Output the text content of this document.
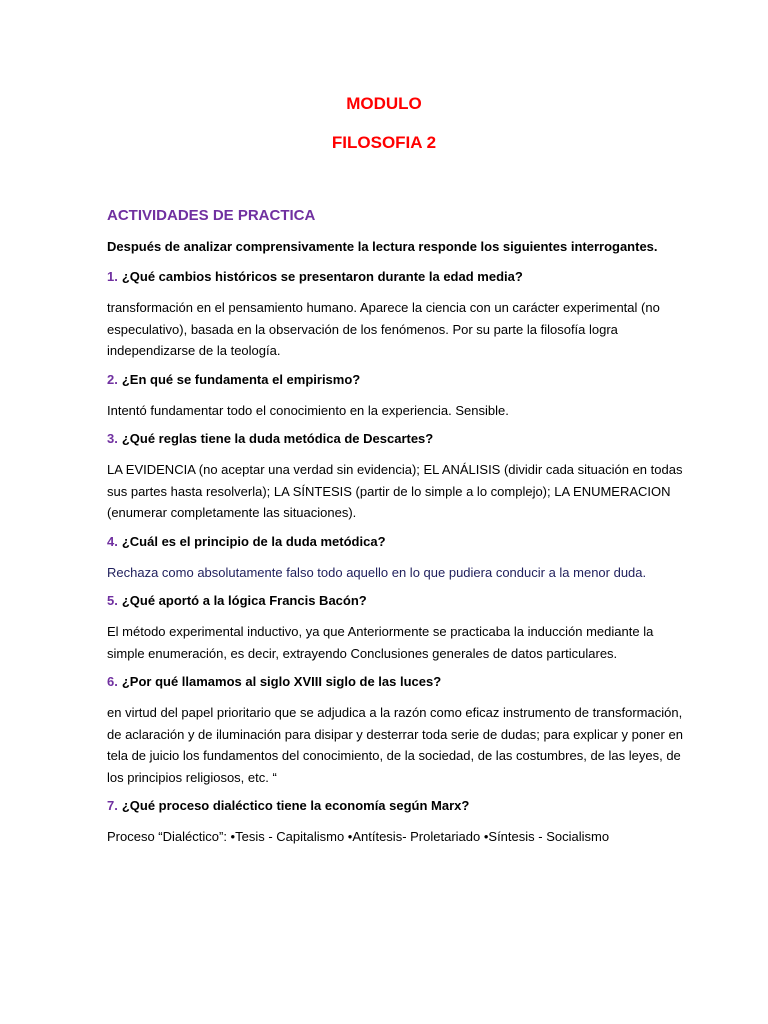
MODULO
FILOSOFIA 2
ACTIVIDADES DE PRACTICA
Después de analizar comprensivamente la lectura responde los siguientes interrogantes.
1. ¿Qué cambios históricos se presentaron durante la edad media?
transformación en el pensamiento humano. Aparece la ciencia con un carácter experimental (no especulativo), basada en la observación de los fenómenos. Por su parte la filosofía logra independizarse de la teología.
2. ¿En qué se fundamenta el empirismo?
Intentó fundamentar todo el conocimiento en la experiencia. Sensible.
3. ¿Qué reglas tiene la duda metódica de Descartes?
LA EVIDENCIA (no aceptar una verdad sin evidencia); EL ANÁLISIS (dividir cada situación en todas sus partes hasta resolverla); LA SÍNTESIS (partir de lo simple a lo complejo); LA ENUMERACION (enumerar completamente las situaciones).
4. ¿Cuál es el principio de la duda metódica?
Rechaza como absolutamente falso todo aquello en lo que pudiera conducir a la menor duda.
5. ¿Qué aportó a la lógica Francis Bacón?
El método experimental inductivo, ya que Anteriormente se practicaba la inducción mediante la simple enumeración, es decir, extrayendo Conclusiones generales de datos particulares.
6. ¿Por qué llamamos al siglo XVIII siglo de las luces?
en virtud del papel prioritario que se adjudica a la razón como eficaz instrumento de transformación, de aclaración y de iluminación para disipar y desterrar toda serie de dudas; para explicar y poner en tela de juicio los fundamentos del conocimiento, de la sociedad, de las costumbres, de las leyes, de los principios religiosos, etc. “
7. ¿Qué proceso dialéctico tiene la economía según Marx?
Proceso “Dialéctico”: •Tesis - Capitalismo •Antítesis- Proletariado •Síntesis - Socialismo
